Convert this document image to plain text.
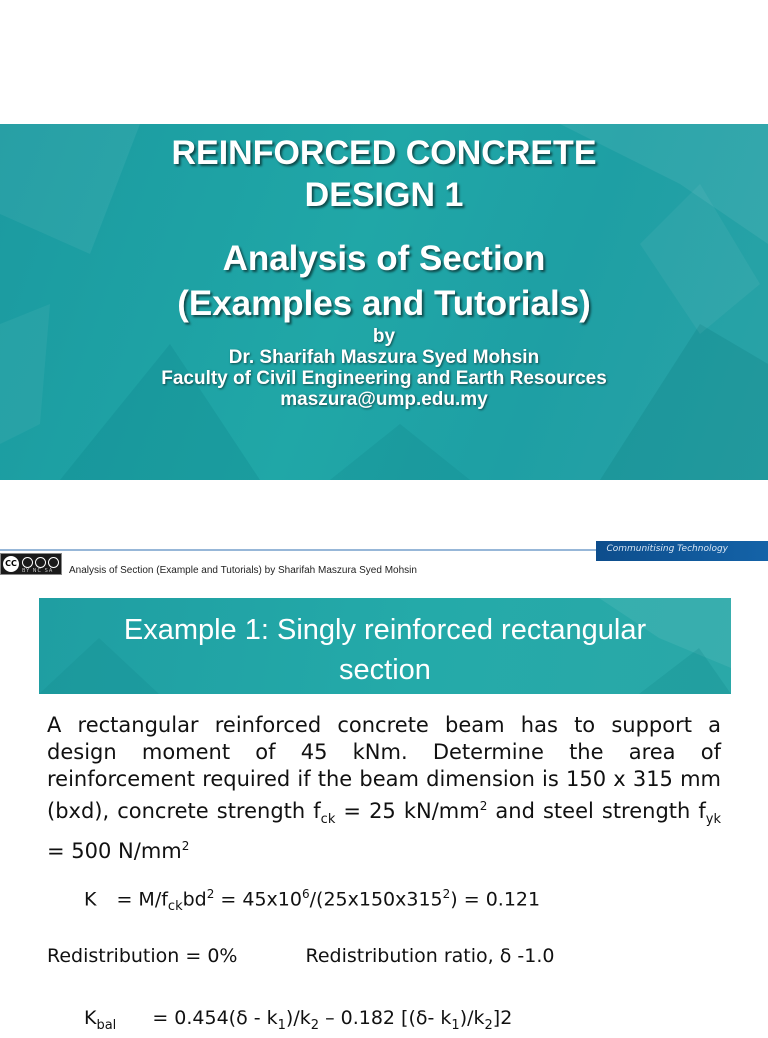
REINFORCED CONCRETE
DESIGN 1
Analysis of Section
(Examples and Tutorials)
by
Dr. Sharifah Maszura Syed Mohsin
Faculty of Civil Engineering and Earth Resources
maszura@ump.edu.my
Communitising Technology
CC
BY NC SA Analysis of Section (Example and Tutorials) by Sharifah Maszura Syed Mohsin
Example 1: Singly reinforced rectangular
section
A rectangular reinforced concrete beam has to support a design moment of 45 kNm. Determine the area of reinforcement required if the beam dimension is 150 x 315 mm (bxd), concrete strength $f_{ck} = 25$ $kN/mm^2$ and steel strength $f_{yk} = 500$ $N/mm^2$
$K = M/f_{ck}bd^2 = 45x10^6/(25x150x315^2) = 0.121$
Redistribution = 0%	Redistribution ratio, δ -1.0
$K_{bal} = 0.454(\delta - k_1)/k_2 - 0.182$ [(δ- $k_1)/k_2]2$
